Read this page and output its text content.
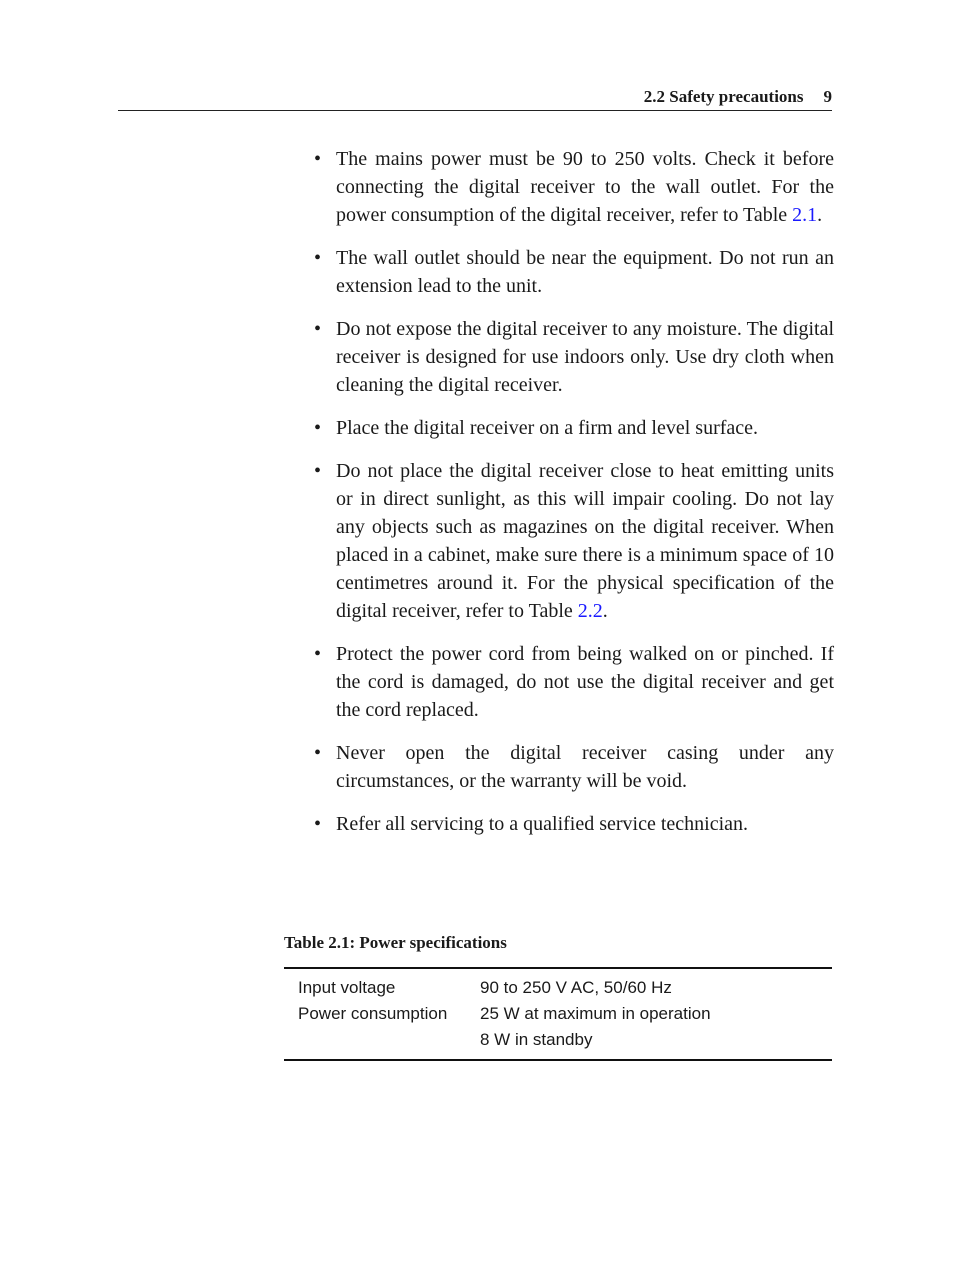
2.2 Safety precautions 9
• The mains power must be 90 to 250 volts. Check it before connecting the digital receiver to the wall outlet. For the power consumption of the digital receiver, refer to Table 2.1.
• The wall outlet should be near the equipment. Do not run an extension lead to the unit.
• Do not expose the digital receiver to any moisture. The digital receiver is designed for use indoors only. Use dry cloth when cleaning the digital receiver.
• Place the digital receiver on a firm and level surface.
• Do not place the digital receiver close to heat emitting units or in direct sunlight, as this will impair cooling. Do not lay any objects such as magazines on the digital receiver. When placed in a cabinet, make sure there is a minimum space of 10 centimetres around it. For the physical specification of the digital receiver, refer to Table 2.2.
• Protect the power cord from being walked on or pinched. If the cord is damaged, do not use the digital receiver and get the cord replaced.
• Never open the digital receiver casing under any circumstances, or the warranty will be void.
• Refer all servicing to a qualified service technician.
Table 2.1: Power specifications
Input voltage	90 to 250 V AC, 50/60 Hz
Power consumption	25 W at maximum in operation
	8 W in standby
